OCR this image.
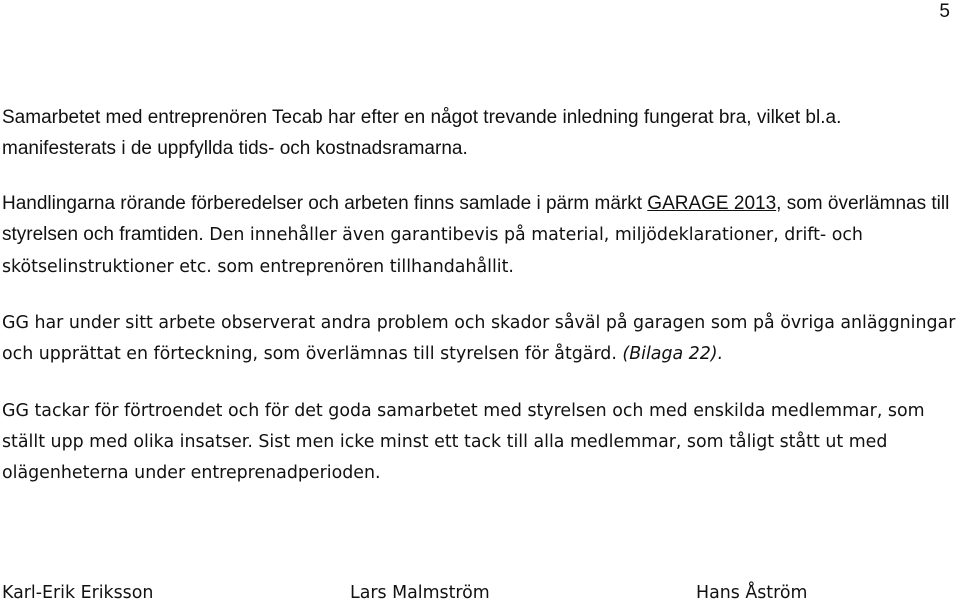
5

Samarbetet med entreprenören Tecab har efter en något trevande inledning fungerat bra, vilket bl.a. manifesterats i de uppfyllda tids- och kostnadsramarna.

Handlingarna rörande förberedelser och arbeten finns samlade i pärm märkt GARAGE 2013, som överlämnas till styrelsen och framtiden. Den innehåller även garantibevis på material, miljödeklarationer, drift- och skötselinstruktioner etc. som entreprenören tillhandahållit.

GG har under sitt arbete observerat andra problem och skador såväl på garagen som på övriga anläggningar och upprättat en förteckning, som överlämnas till styrelsen för åtgärd. (Bilaga 22).

GG tackar för förtroendet och för det goda samarbetet med styrelsen och med enskilda medlemmar, som ställt upp med olika insatser. Sist men icke minst ett tack till alla medlemmar, som tåligt stått ut med olägenheterna under entreprenadperioden.

Karl-Erik Eriksson	Lars Malmström	Hans Åström
